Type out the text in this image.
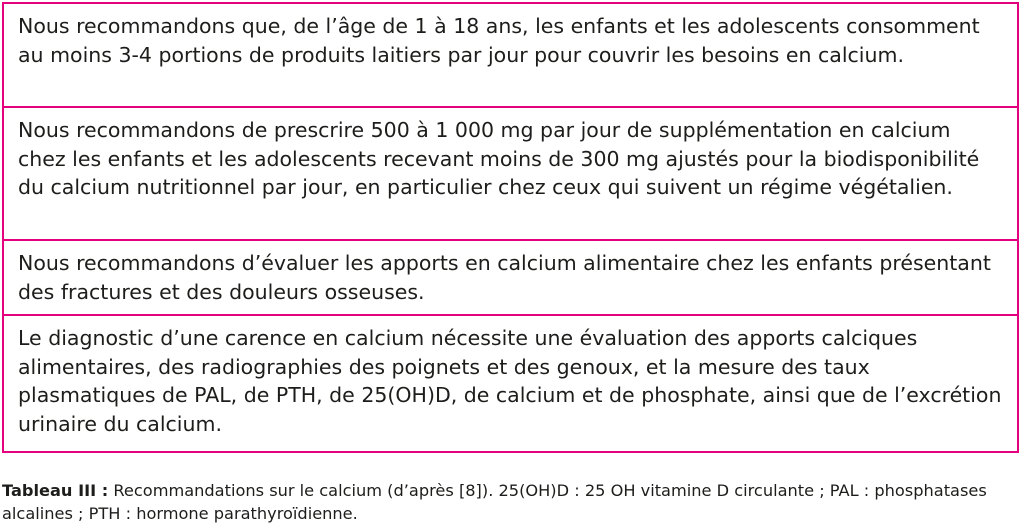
Nous recommandons que, de l’âge de 1 à 18 ans, les enfants et les adolescents consomment au moins 3-4 portions de produits laitiers par jour pour couvrir les besoins en calcium.
Nous recommandons de prescrire 500 à 1 000 mg par jour de supplémentation en calcium chez les enfants et les adolescents recevant moins de 300 mg ajustés pour la biodisponibilité du calcium nutritionnel par jour, en particulier chez ceux qui suivent un régime végétalien.
Nous recommandons d’évaluer les apports en calcium alimentaire chez les enfants présentant des fractures et des douleurs osseuses.
Le diagnostic d’une carence en calcium nécessite une évaluation des apports calciques alimentaires, des radiographies des poignets et des genoux, et la mesure des taux plasmatiques de PAL, de PTH, de 25(OH)D, de calcium et de phosphate, ainsi que de l’excrétion urinaire du calcium.
Tableau III : Recommandations sur le calcium (d’après [8]). 25(OH)D : 25 OH vitamine D circulante ; PAL : phosphatases alcalines ; PTH : hormone parathyroïdienne.
